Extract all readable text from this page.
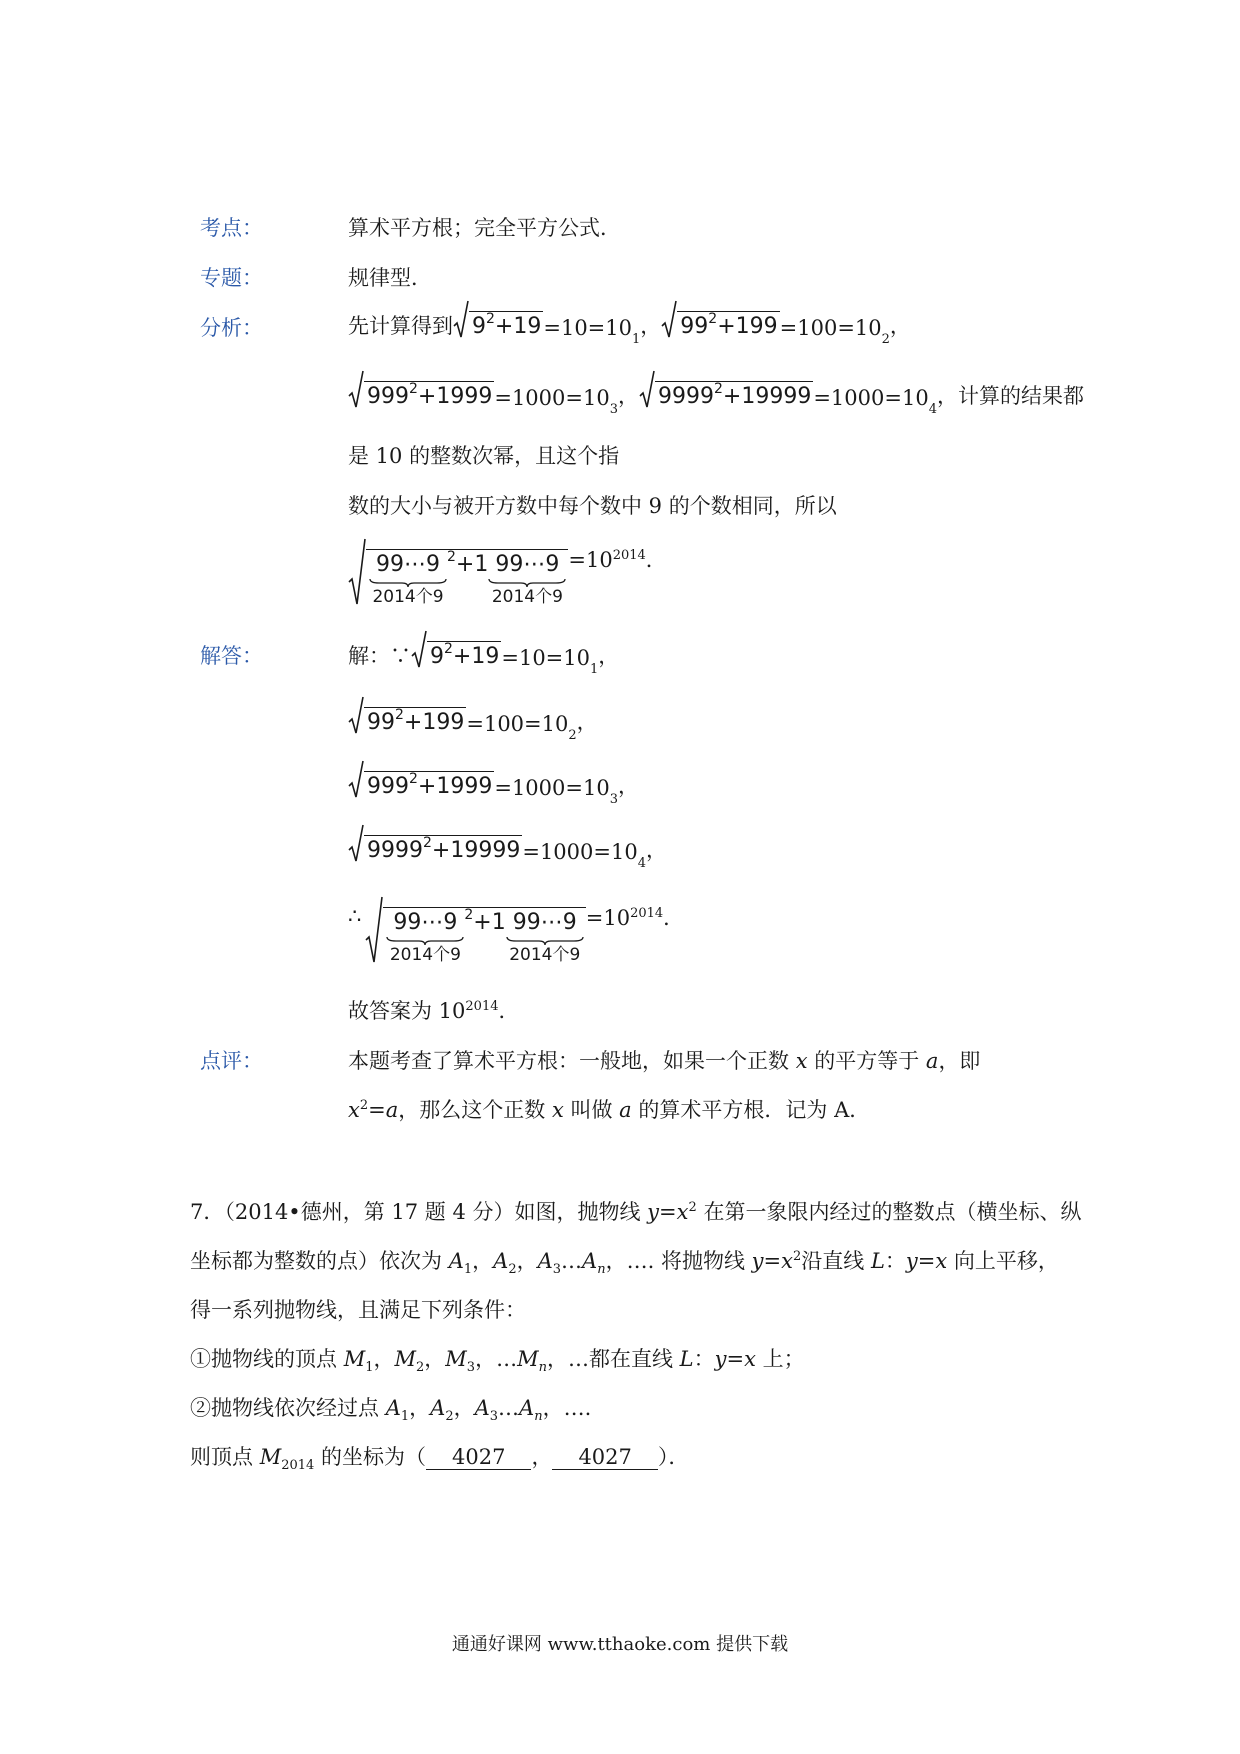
考点：	算术平方根；完全平方公式．
专题：	规律型．
分析：	先计算得到 $9^2 +19 =10=10$ 1
， $99^2 +199 =100=10$ 2
，
$999^2 +1999 =1000=10$ 3
， $9999^2 +19999 =1000=10$ 4
，计算的结果都
是 10 的整数次幂，且这个指
数的大小与被开方数中每个数中 9 的个数相同，所以
99⋯9
2014个9
$^2$ +1 99⋯9
2014个9
$=10^{2014}$．
解答：	解：∵ $9^2 +19 =10=10$ 1
，
$99^2 +199 =100=10$ 2
，
$999^2 +1999 =1000=10$ 3
，
$9999^2 +19999 =1000=10$ 4
，
∴ 99⋯9
2014个9
$^2$ +1 99⋯9
2014个9
$=10^{2014}$．
故答案为 $10^{2014}$．
点评：	本题考查了算术平方根：一般地，如果一个正数 x 的平方等于 a，即
$x^2=a$，那么这个正数 x 叫做 a 的算术平方根．记为 A．
7．（2014•德州，第 17 题 4 分）如图，抛物线 $y=x^2$ 在第一象限内经过的整数点（横坐标、纵
坐标都为整数的点）依次为 $A_1$，$A_2$，$A_3\dots A_n$，…. 将抛物线 $y=x^2$沿直线 L：y=x 向上平移，
得一系列抛物线，且满足下列条件：
①抛物线的顶点 $M_1$，$M_2$，$M_3$，$\dots M_n$，…都在直线 L：y=x 上；
②抛物线依次经过点 $A_1$，$A_2$，$A_3\dots A_n$，….
则顶点 $M_{2014}$ 的坐标为（ 4027 ， 4027 ）．
通通好课网 www.tthaoke.com 提供下载
